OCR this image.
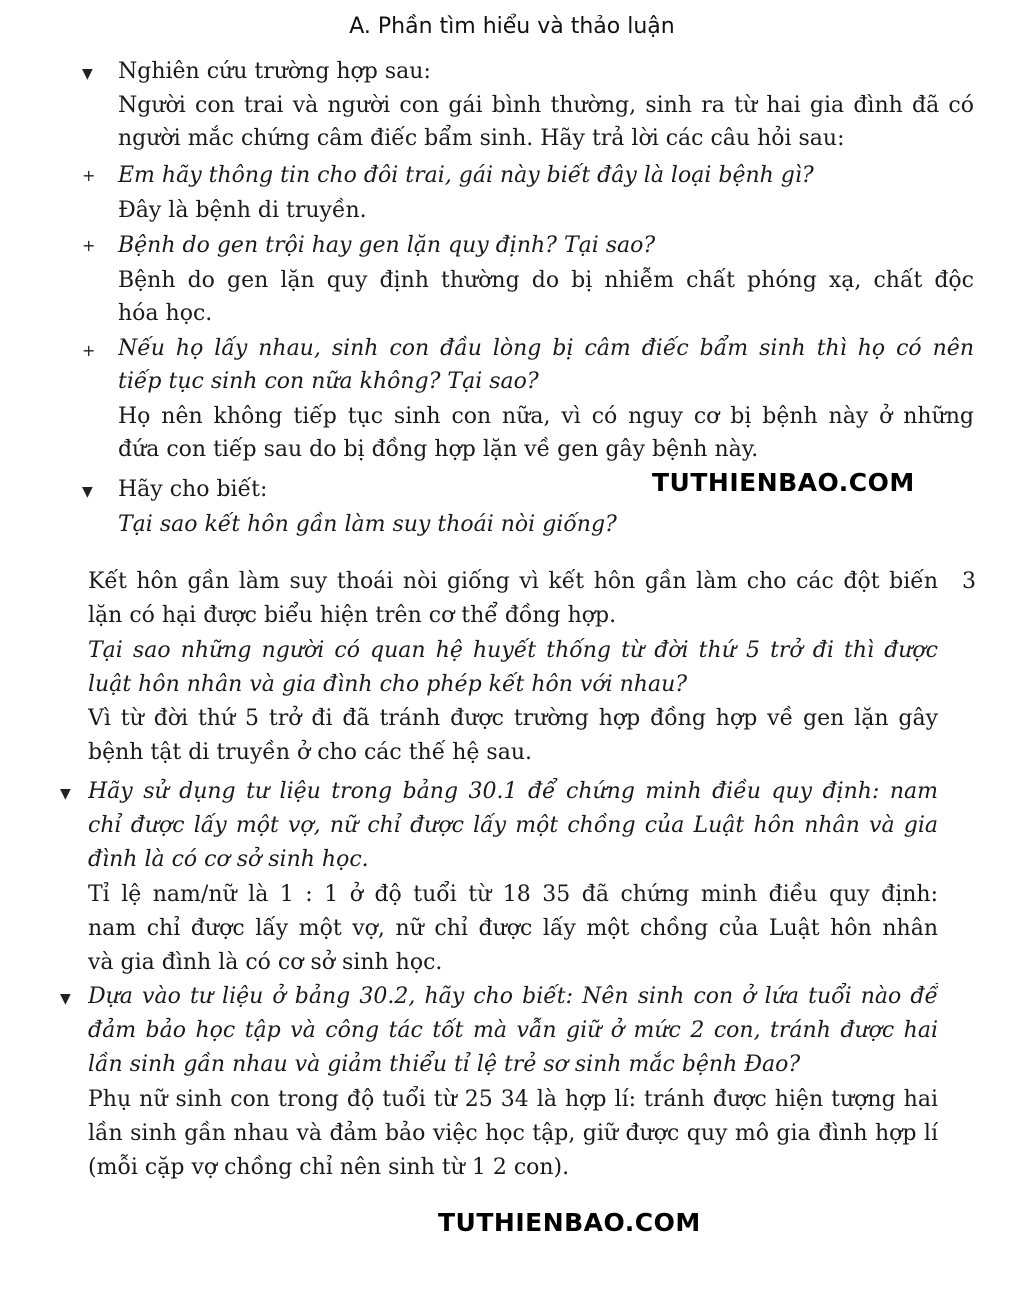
A. Phần tìm hiểu và thảo luận
▼ Nghiên cứu trường hợp sau:
Người con trai và người con gái bình thường, sinh ra từ hai gia đình đã có
người mắc chứng câm điếc bẩm sinh. Hãy trả lời các câu hỏi sau:
+ Em hãy thông tin cho đôi trai, gái này biết đây là loại bệnh gì?
Đây là bệnh di truyền.
+ Bệnh do gen trội hay gen lặn quy định? Tại sao?
Bệnh do gen lặn quy định thường do bị nhiễm chất phóng xạ, chất độc
hóa học.
+ Nếu họ lấy nhau, sinh con đầu lòng bị câm điếc bẩm sinh thì họ có nên
tiếp tục sinh con nữa không? Tại sao?
Họ nên không tiếp tục sinh con nữa, vì có nguy cơ bị bệnh này ở những
đứa con tiếp sau do bị đồng hợp lặn về gen gây bệnh này.
▼ Hãy cho biết:	TUTHIENBAO.COM
Tại sao kết hôn gần làm suy thoái nòi giống?
Kết hôn gần làm suy thoái nòi giống vì kết hôn gần làm cho các đột biến 3
lặn có hại được biểu hiện trên cơ thể đồng hợp.
Tại sao những người có quan hệ huyết thống từ đời thứ 5 trở đi thì được
luật hôn nhân và gia đình cho phép kết hôn với nhau?
Vì từ đời thứ 5 trở đi đã tránh được trường hợp đồng hợp về gen lặn gây
bệnh tật di truyền ở cho các thế hệ sau.
▼ Hãy sử dụng tư liệu trong bảng 30.1 để chứng minh điều quy định: nam
chỉ được lấy một vợ, nữ chỉ được lấy một chồng của Luật hôn nhân và gia
đình là có cơ sở sinh học.
Tỉ lệ nam/nữ là 1 : 1 ở độ tuổi từ 18 35 đã chứng minh điều quy định:
nam chỉ được lấy một vợ, nữ chỉ được lấy một chồng của Luật hôn nhân
và gia đình là có cơ sở sinh học.
▼ Dựa vào tư liệu ở bảng 30.2, hãy cho biết: Nên sinh con ở lứa tuổi nào để
đảm bảo học tập và công tác tốt mà vẫn giữ ở mức 2 con, tránh được hai
lần sinh gần nhau và giảm thiểu tỉ lệ trẻ sơ sinh mắc bệnh Đao?
Phụ nữ sinh con trong độ tuổi từ 25 34 là hợp lí: tránh được hiện tượng hai
lần sinh gần nhau và đảm bảo việc học tập, giữ được quy mô gia đình hợp lí
(mỗi cặp vợ chồng chỉ nên sinh từ 1 2 con).
TUTHIENBAO.COM
